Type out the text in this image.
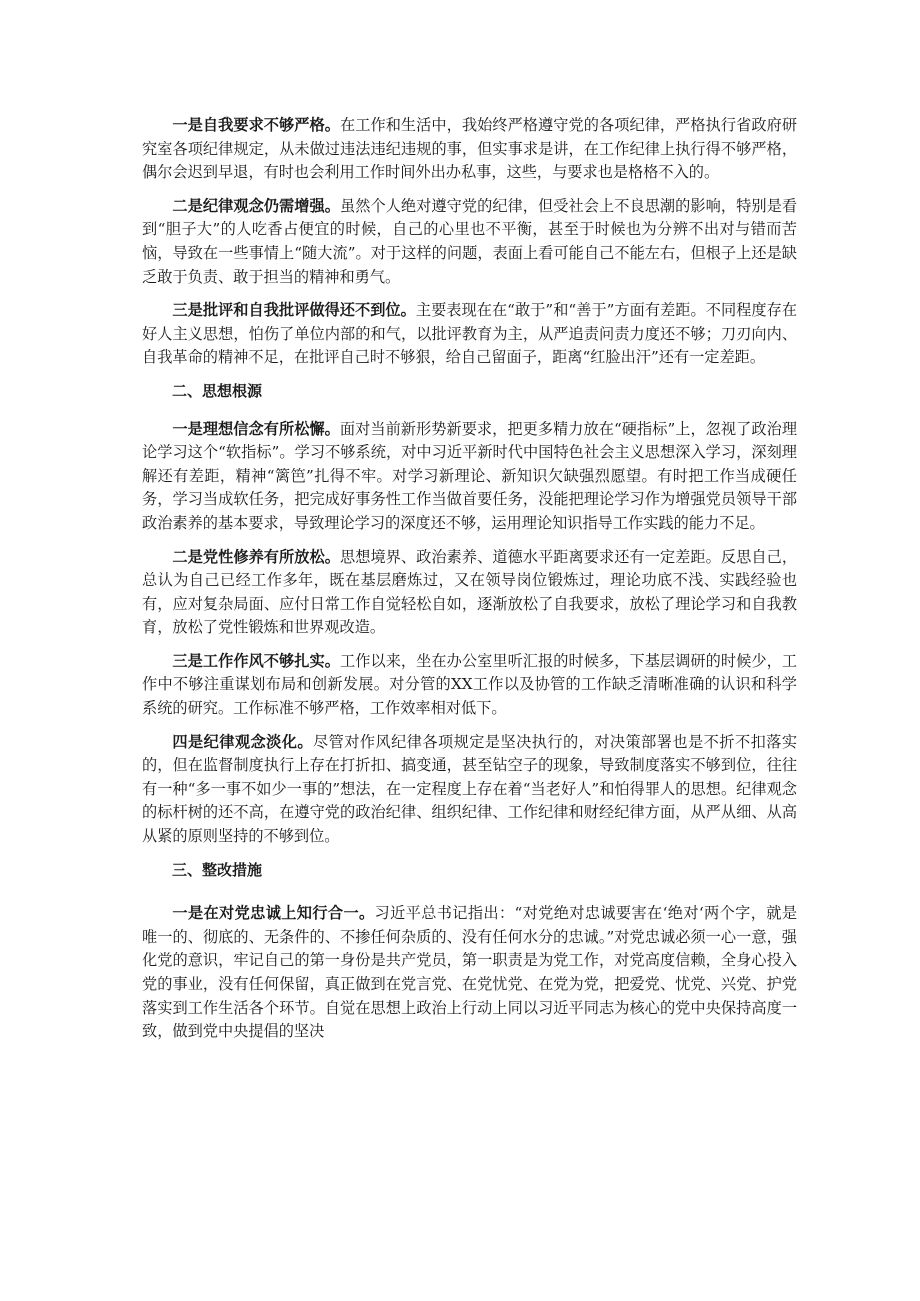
一是自我要求不够严格。在工作和生活中，我始终严格遵守党的各项纪律，严格执行省政府研究室各项纪律规定，从未做过违法违纪违规的事，但实事求是讲，在工作纪律上执行得不够严格，偶尔会迟到早退，有时也会利用工作时间外出办私事，这些，与要求也是格格不入的。

二是纪律观念仍需增强。虽然个人绝对遵守党的纪律，但受社会上不良思潮的影响，特别是看到“胆子大”的人吃香占便宜的时候，自己的心里也不平衡，甚至于时候也为分辨不出对与错而苦恼，导致在一些事情上“随大流”。对于这样的问题，表面上看可能自己不能左右，但根子上还是缺乏敢于负责、敢于担当的精神和勇气。

三是批评和自我批评做得还不到位。主要表现在在“敢于”和“善于”方面有差距。不同程度存在好人主义思想，怕伤了单位内部的和气，以批评教育为主，从严追责问责力度还不够；刀刃向内、自我革命的精神不足，在批评自己时不够狠，给自己留面子，距离“红脸出汗”还有一定差距。

二、思想根源

一是理想信念有所松懈。面对当前新形势新要求，把更多精力放在“硬指标”上，忽视了政治理论学习这个“软指标”。学习不够系统，对中习近平新时代中国特色社会主义思想深入学习，深刻理解还有差距，精神“篱笆”扎得不牢。对学习新理论、新知识欠缺强烈愿望。有时把工作当成硬任务，学习当成软任务，把完成好事务性工作当做首要任务，没能把理论学习作为增强党员领导干部政治素养的基本要求，导致理论学习的深度还不够，运用理论知识指导工作实践的能力不足。

二是党性修养有所放松。思想境界、政治素养、道德水平距离要求还有一定差距。反思自己，总认为自己已经工作多年，既在基层磨炼过，又在领导岗位锻炼过，理论功底不浅、实践经验也有，应对复杂局面、应付日常工作自觉轻松自如，逐渐放松了自我要求，放松了理论学习和自我教育，放松了党性锻炼和世界观改造。

三是工作作风不够扎实。工作以来，坐在办公室里听汇报的时候多，下基层调研的时候少，工作中不够注重谋划布局和创新发展。对分管的XX工作以及协管的工作缺乏清晰准确的认识和科学系统的研究。工作标准不够严格，工作效率相对低下。

四是纪律观念淡化。尽管对作风纪律各项规定是坚决执行的，对决策部署也是不折不扣落实的，但在监督制度执行上存在打折扣、搞变通，甚至钻空子的现象，导致制度落实不够到位，往往有一种“多一事不如少一事的”想法，在一定程度上存在着“当老好人”和怕得罪人的思想。纪律观念的标杆树的还不高，在遵守党的政治纪律、组织纪律、工作纪律和财经纪律方面，从严从细、从高从紧的原则坚持的不够到位。

三、整改措施

一是在对党忠诚上知行合一。习近平总书记指出：“对党绝对忠诚要害在‘绝对‘两个字，就是唯一的、彻底的、无条件的、不掺任何杂质的、没有任何水分的忠诚。”对党忠诚必须一心一意，强化党的意识，牢记自己的第一身份是共产党员，第一职责是为党工作，对党高度信赖，全身心投入党的事业，没有任何保留，真正做到在党言党、在党忧党、在党为党，把爱党、忧党、兴党、护党落实到工作生活各个环节。自觉在思想上政治上行动上同以习近平同志为核心的党中央保持高度一致，做到党中央提倡的坚决
